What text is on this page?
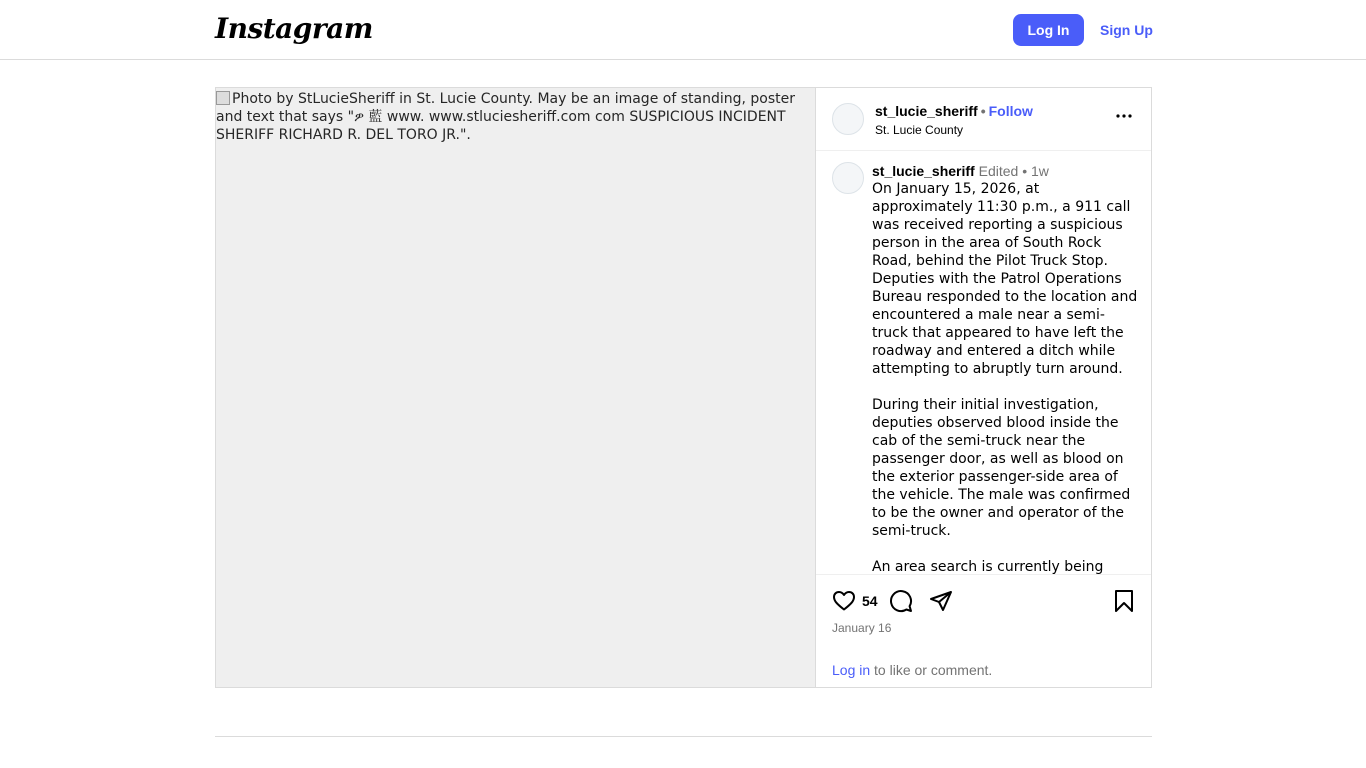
Instagram	Log In	Sign Up
Photo by StLucieSheriff in St. Lucie County. May be an image of standing, poster and text that says "ዎ 藍 www. www.stluciesheriff.com com SUSPICIOUS INCIDENT SHERIFF RICHARD R. DEL TORO JR.".
st_lucie_sheriff • Follow
St. Lucie County
st_lucie_sheriff Edited • 1w
On January 15, 2026, at approximately 11:30 p.m., a 911 call was received reporting a suspicious person in the area of South Rock Road, behind the Pilot Truck Stop. Deputies with the Patrol Operations Bureau responded to the location and encountered a male near a semi-truck that appeared to have left the roadway and entered a ditch while attempting to abruptly turn around.

During their initial investigation, deputies observed blood inside the cab of the semi-truck near the passenger door, as well as blood on the exterior passenger-side area of the vehicle. The male was confirmed to be the owner and operator of the semi-truck.

An area search is currently being
54
January 16
Log in to like or comment.
